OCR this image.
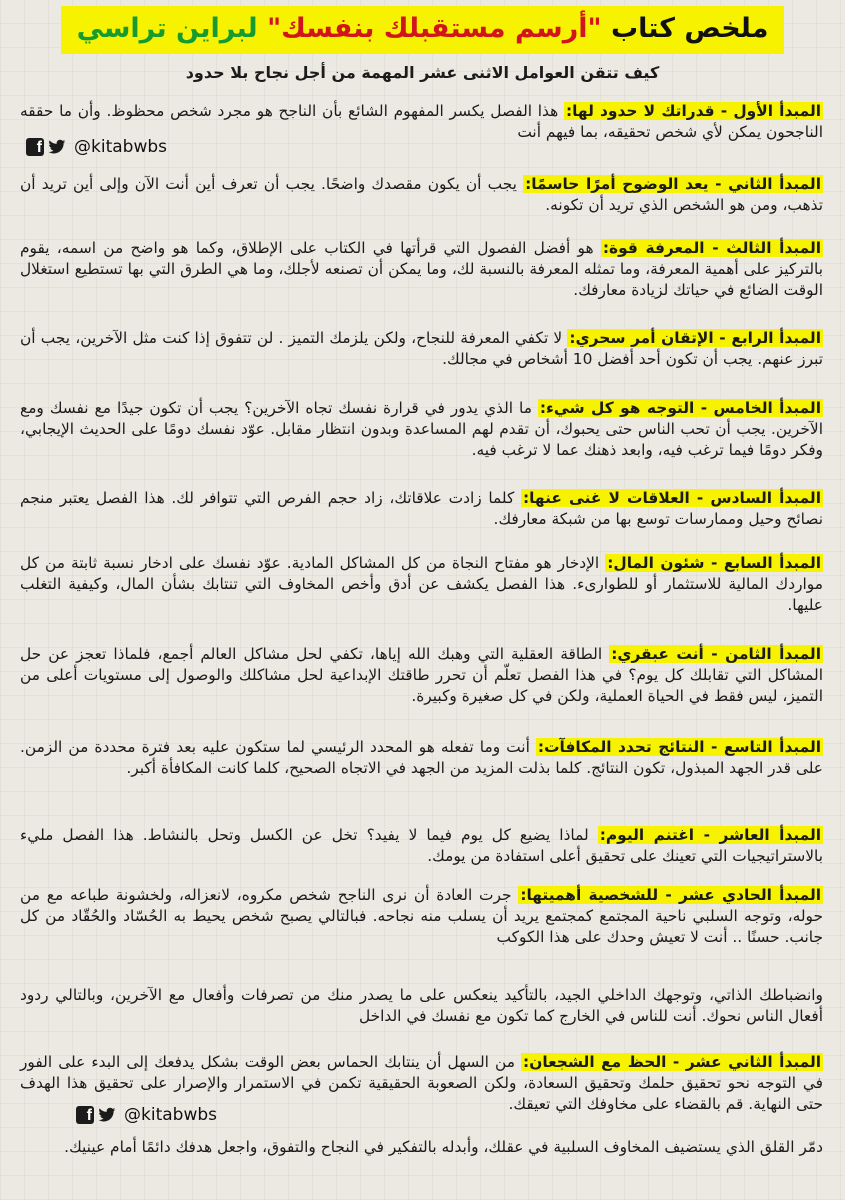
ملخص كتاب "أرسم مستقبلك بنفسك" لبراين تراسي
كيف تتقن العوامل الاثنى عشر المهمة من أجل نجاح بلا حدود

المبدأ الأول - قدراتك لا حدود لها: هذا الفصل يكسر المفهوم الشائع بأن الناجح هو مجرد شخص محظوظ. وأن ما حققه الناجحون يمكن لأي شخص تحقيقه، بما فيهم أنت

المبدأ الثاني - يعد الوضوح أمرًا حاسمًا: يجب أن يكون مقصدك واضحًا. يجب أن تعرف أين أنت الآن وإلى أين تريد أن تذهب، ومن هو الشخص الذي تريد أن تكونه.

المبدأ الثالث - المعرفة قوة: هو أفضل الفصول التي قرأتها في الكتاب على الإطلاق، وكما هو واضح من اسمه، يقوم بالتركيز على أهمية المعرفة، وما تمثله المعرفة بالنسبة لك، وما يمكن أن تصنعه لأجلك، وما هي الطرق التي بها تستطيع استغلال الوقت الضائع في حياتك لزيادة معارفك.

المبدأ الرابع - الإتقان أمر سحري: لا تكفي المعرفة للنجاح، ولكن يلزمك التميز . لن تتفوق إذا كنت مثل الآخرين، يجب أن تبرز عنهم. يجب أن تكون أحد أفضل 10 أشخاص في مجالك.

المبدأ الخامس - التوجه هو كل شيء: ما الذي يدور في قرارة نفسك تجاه الآخرين؟ يجب أن تكون جيدًا مع نفسك ومع الآخرين. يجب أن تحب الناس حتى يحبوك، أن تقدم لهم المساعدة وبدون انتظار مقابل. عوّد نفسك دومًا على الحديث الإيجابي، وفكر دومًا فيما ترغب فيه، وابعد ذهنك عما لا ترغب فيه.

المبدأ السادس - العلاقات لا غنى عنها: كلما زادت علاقاتك، زاد حجم الفرص التي تتوافر لك. هذا الفصل يعتبر منجم نصائح وحيل وممارسات توسع بها من شبكة معارفك.

المبدأ السابع - شئون المال: الإدخار هو مفتاح النجاة من كل المشاكل المادية. عوّد نفسك على ادخار نسبة ثابتة من كل مواردك المالية للاستثمار أو للطوارىء. هذا الفصل يكشف عن أدق وأخص المخاوف التي تنتابك بشأن المال، وكيفية التغلب عليها.

المبدأ الثامن - أنت عبقري: الطاقة العقلية التي وهبك الله إياها، تكفي لحل مشاكل العالم أجمع، فلماذا تعجز عن حل المشاكل التي تقابلك كل يوم؟ في هذا الفصل تعلّم أن تحرر طاقتك الإبداعية لحل مشاكلك والوصول إلى مستويات أعلى من التميز، ليس فقط في الحياة العملية، ولكن في كل صغيرة وكبيرة.

المبدأ التاسع - النتائج تحدد المكافآت: أنت وما تفعله هو المحدد الرئيسي لما ستكون عليه بعد فترة محددة من الزمن. على قدر الجهد المبذول، تكون النتائج. كلما بذلت المزيد من الجهد في الاتجاه الصحيح، كلما كانت المكافأة أكبر.

المبدأ العاشر - اغتنم اليوم: لماذا يضيع كل يوم فيما لا يفيد؟ تخل عن الكسل وتحل بالنشاط. هذا الفصل مليء بالاستراتيجيات التي تعينك على تحقيق أعلى استفادة من يومك.

المبدأ الحادي عشر - للشخصية أهميتها: جرت العادة أن نرى الناجح شخص مكروه، لانعزاله، ولخشونة طباعه مع من حوله، وتوجه السلبي ناحية المجتمع كمجتمع يريد أن يسلب منه نجاحه. فبالتالي يصبح شخص يحيط به الحُسّاد والحُقّاد من كل جانب. حسنًا .. أنت لا تعيش وحدك على هذا الكوكب

وانضباطك الذاتي، وتوجهك الداخلي الجيد، بالتأكيد ينعكس على ما يصدر منك من تصرفات وأفعال مع الآخرين، وبالتالي ردود أفعال الناس نحوك. أنت للناس في الخارج كما تكون مع نفسك في الداخل

المبدأ الثاني عشر - الحظ مع الشجعان: من السهل أن ينتابك الحماس بعض الوقت بشكل يدفعك إلى البدء على الفور في التوجه نحو تحقيق حلمك وتحقيق السعادة، ولكن الصعوبة الحقيقية تكمن في الاستمرار والإصرار على تحقيق هذا الهدف حتى النهاية. قم بالقضاء على مخاوفك التي تعيقك.

دمّر القلق الذي يستضيف المخاوف السلبية في عقلك، وأبدله بالتفكير في النجاح والتفوق، واجعل هدفك دائمًا أمام عينيك.

f @kitabwbs
f @kitabwbs
